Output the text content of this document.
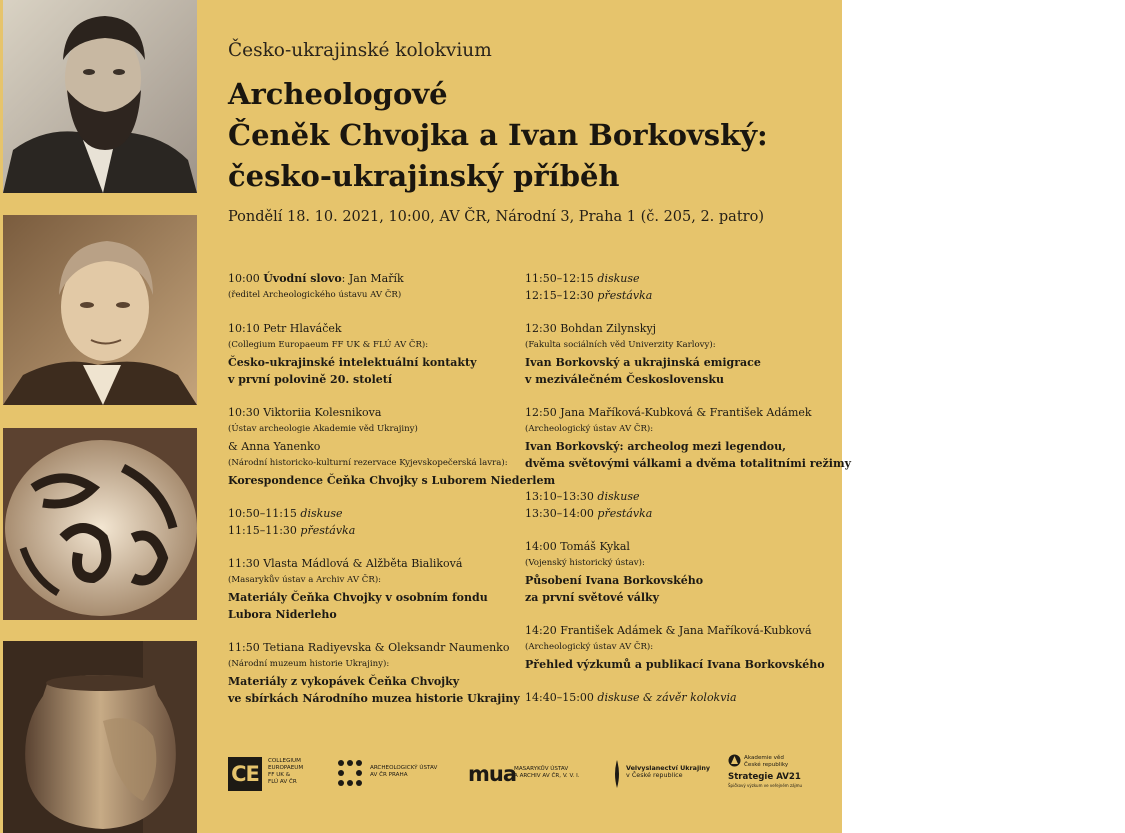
Česko-ukrajinské kolokvium
Archeologové
Čeněk Chvojka a Ivan Borkovský:
česko-ukrajinský příběh
Pondělí 18. 10. 2021, 10:00, AV ČR, Národní 3, Praha 1 (č. 205, 2. patro)
10:00 Úvodní slovo: Jan Mařík
(ředitel Archeologického ústavu AV ČR)
10:10 Petr Hlaváček
(Collegium Europaeum FF UK & FLÚ AV ČR):
Česko-ukrajinské intelektuální kontakty
v první polovině 20. století
10:30 Viktoriia Kolesnikova
(Ústav archeologie Akademie věd Ukrajiny)
& Anna Yanenko
(Národní historicko-kulturní rezervace Kyjevskopečerská lavra):
Korespondence Čeňka Chvojky s Luborem Niederlem
10:50–11:15 diskuse
11:15–11:30 přestávka
11:30 Vlasta Mádlová & Alžběta Bialiková
(Masarykův ústav a Archiv AV ČR):
Materiály Čeňka Chvojky v osobním fondu
Lubora Niderleho
11:50 Tetiana Radiyevska & Oleksandr Naumenko
(Národní muzeum historie Ukrajiny):
Materiály z vykopávek Čeňka Chvojky
ve sbírkách Národního muzea historie Ukrajiny
11:50–12:15 diskuse
12:15–12:30 přestávka
12:30 Bohdan Zilynskyj
(Fakulta sociálních věd Univerzity Karlovy):
Ivan Borkovský a ukrajinská emigrace
v meziválečném Československu
12:50 Jana Maříková-Kubková & František Adámek
(Archeologický ústav AV ČR):
Ivan Borkovský: archeolog mezi legendou,
dvěma světovými válkami a dvěma totalitními režimy
13:10–13:30 diskuse
13:30–14:00 přestávka
14:00 Tomáš Kykal
(Vojenský historický ústav):
Působení Ivana Borkovského
za první světové války
14:20 František Adámek & Jana Maříková-Kubková
(Archeologický ústav AV ČR):
Přehled výzkumů a publikací Ivana Borkovského
14:40–15:00 diskuse & závěr kolokvia
CE
COLLEGIUM
EUROPAEUM
FF UK &
FLÚ AV ČR
ARCHEOLOGICKÝ ÚSTAV
AV ČR PRAHA	mua
MASARYKŮV ÚSTAV
A ARCHIV AV ČR, V. V. I.
Velvyslanectví Ukrajiny
v České republice
Akademie věd
České republiky
Strategie AV21
Špičkový výzkum ve veřejném zájmu
